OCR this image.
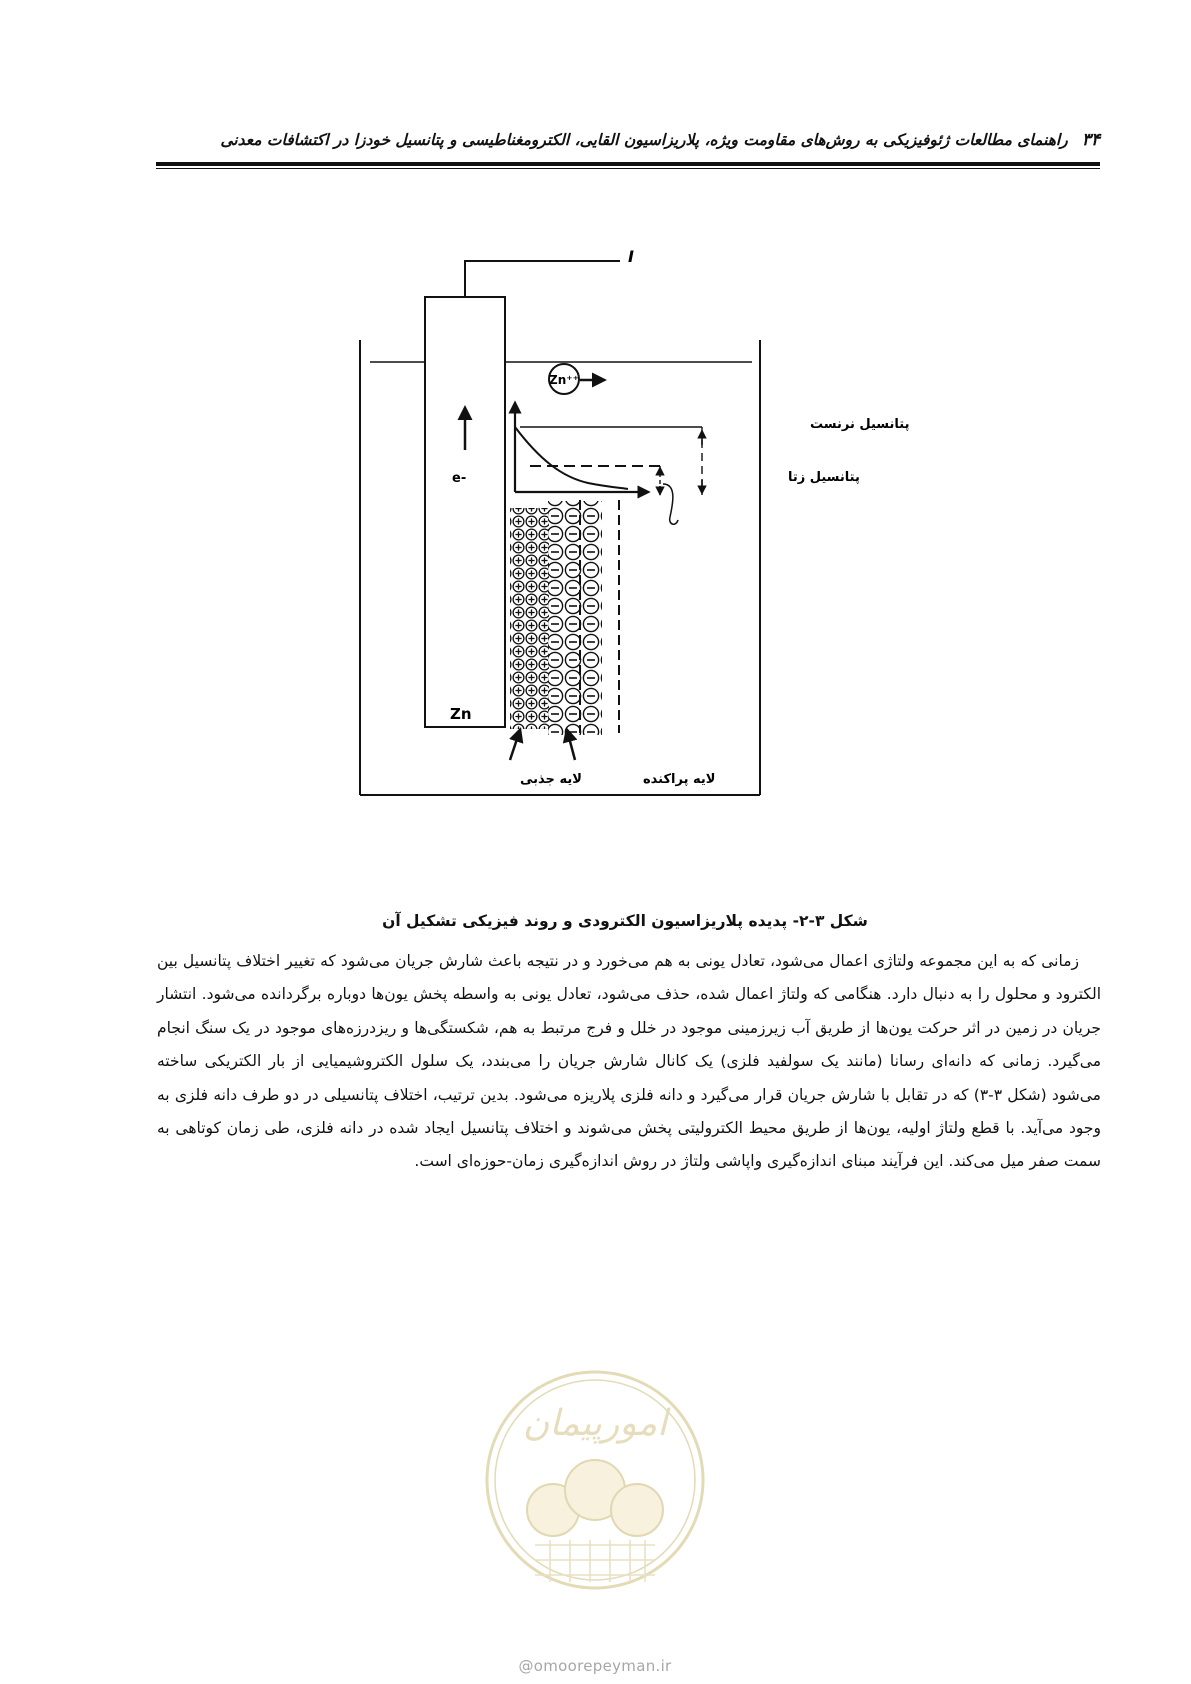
۳۴
راهنمای مطالعات ژئوفیزیکی به روش‌های مقاومت ویژه، پلاریزاسیون القایی، الکترومغناطیسی و پتانسیل خودزا در اکتشافات معدنی
I
Zn
e-
Zn⁺⁺
پتانسیل نرنست
پتانسیل زتا
لایه جذبی	لایه پراکنده
شکل ۳-۲- پدیده پلاریزاسیون الکترودی و روند فیزیکی تشکیل آن

زمانی که به این مجموعه ولتاژی اعمال می‌شود، تعادل یونی به هم می‌خورد و در نتیجه باعث شارش جریان می‌شود که تغییر اختلاف پتانسیل بین الکترود و محلول را به دنبال دارد. هنگامی که ولتاژ اعمال شده، حذف می‌شود، تعادل یونی به واسطه پخش یون‌ها دوباره برگردانده می‌شود. انتشار جریان در زمین در اثر حرکت یون‌ها از طریق آب زیرزمینی موجود در خلل و فرج مرتبط به هم، شکستگی‌ها و ریزدرزه‌های موجود در یک سنگ انجام می‌گیرد. زمانی که دانه‌ای رسانا (مانند یک سولفید فلزی) یک کانال شارش جریان را می‌بندد، یک سلول الکتروشیمیایی از بار الکتریکی ساخته می‌شود (شکل ۳-۳) که در تقابل با شارش جریان قرار می‌گیرد و دانه فلزی پلاریزه می‌شود. بدین ترتیب، اختلاف پتانسیلی در دو طرف دانه فلزی به وجود می‌آید. با قطع ولتاژ اولیه، یون‌ها از طریق محیط الکترولیتی پخش می‌شوند و اختلاف پتانسیل ایجاد شده در دانه فلزی، طی زمان کوتاهی به سمت صفر میل می‌کند. این فرآیند مبنای اندازه‌گیری واپاشی ولتاژ در روش اندازه‌گیری زمان-حوزه‌ای است.

امورپیمان
@omoorepeyman.ir
